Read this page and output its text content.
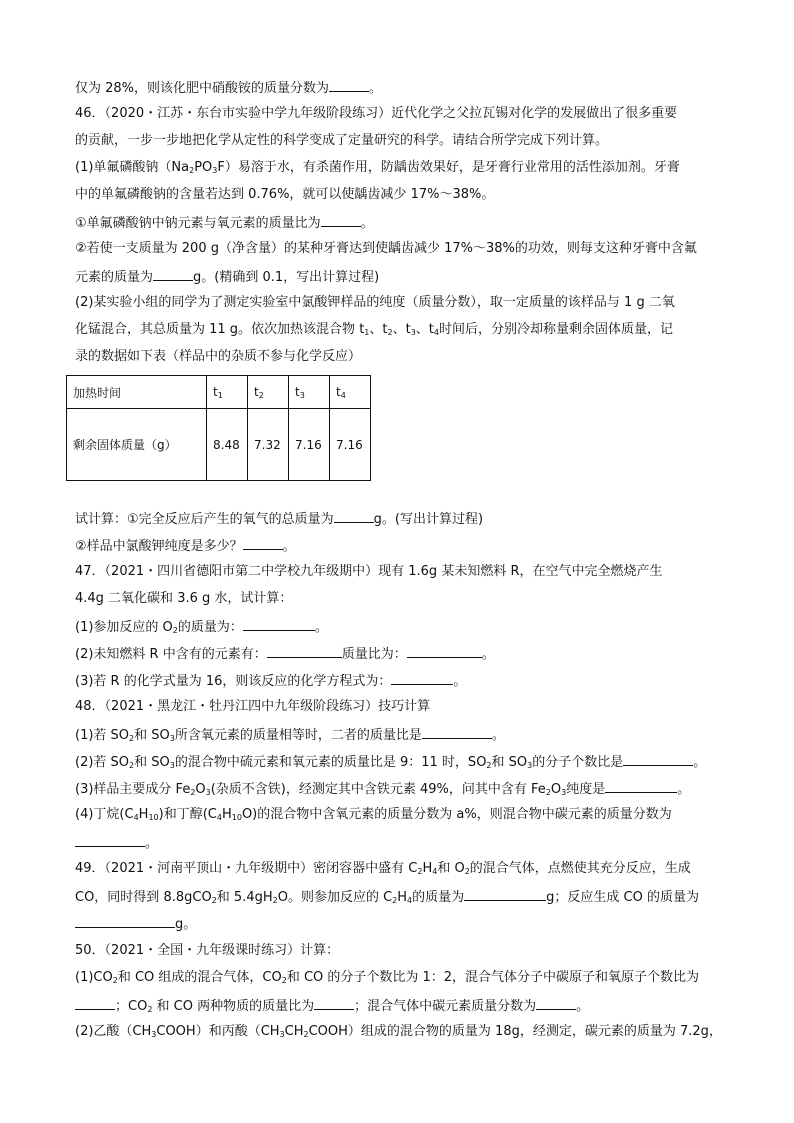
仅为 28%，则该化肥中硝酸铵的质量分数为	。
46．（2020・江苏・东台市实验中学九年级阶段练习）近代化学之父拉瓦锡对化学的发展做出了很多重要
的贡献，一步一步地把化学从定性的科学变成了定量研究的科学。请结合所学完成下列计算。
(1)单氟磷酸钠$(Na_2PO_3F)$易溶于水，有杀菌作用，防龋齿效果好，是牙膏行业常用的活性添加剂。牙膏
中的单氟磷酸钠的含量若达到 0.76%，就可以使龋齿减少 17%～38%。
①单氟磷酸钠中钠元素与氧元素的质量比为	。
②若使一支质量为 200 g（净含量）的某种牙膏达到使龋齿减少 17%～38%的功效，则每支这种牙膏中含氟
元素的质量为	g。(精确到 0.1，写出计算过程)
(2)某实验小组的同学为了测定实验室中氯酸钾样品的纯度（质量分数），取一定质量的该样品与 1 g 二氧
化锰混合，其总质量为 11 g。依次加热该混合物 $t_1$、$t_2$、$t_3$、$t_4$时间后，分别冷却称量剩余固体质量，记
录的数据如下表（样品中的杂质不参与化学反应）
加热时间	$t_1$	$t_2$	$t_3$	$t_4$
剩余固体质量（g）	8.48	7.32	7.16	7.16
试计算：①完全反应后产生的氧气的总质量为	g。(写出计算过程)
②样品中氯酸钾纯度是多少？	。
47．（2021・四川省德阳市第二中学校九年级期中）现有 1.6g 某未知燃料 R，在空气中完全燃烧产生
4.4g 二氧化碳和 3.6 g 水，试计算：
(1)参加反应的 $O_2$的质量为：	。
(2)未知燃料 R 中含有的元素有：	质量比为：	。
(3)若 R 的化学式量为 16，则该反应的化学方程式为：	。
48．（2021・黑龙江・牡丹江四中九年级阶段练习）技巧计算
(1)若 $SO_2$和 $SO_3$所含氧元素的质量相等时，二者的质量比是	。
(2)若 $SO_2$和 $SO_3$的混合物中硫元素和氧元素的质量比是 9：11 时，$SO_2$和 $SO_3$的分子个数比是	。
(3)样品主要成分 $Fe_2O_3$(杂质不含铁)，经测定其中含铁元素 49%，问其中含有 $Fe_2O_3$纯度是	。
(4)丁烷$(C_4H_{10})$和丁醇$(C_4H_{10}O)$的混合物中含氧元素的质量分数为 a%，则混合物中碳元素的质量分数为
。
49．（2021・河南平顶山・九年级期中）密闭容器中盛有 $C_2H_4$和 $O_2$的混合气体，点燃使其充分反应，生成
CO，同时得到 8.8gCO$_2$和 $5.4gH_2O$。则参加反应的 $C_2H_4$的质量为	g；反应生成 CO 的质量为
g。
50．（2021・全国・九年级课时练习）计算：
$(1)CO_2$和 CO 组成的混合气体，$CO_2$和 CO 的分子个数比为 1：2，混合气体分子中碳原子和氧原子个数比为
；$CO_2$ 和 CO 两种物质的质量比为	；混合气体中碳元素质量分数为	。
(2)乙酸$(CH_3COOH)$和丙酸$(CH_3CH_2COOH)$组成的混合物的质量为 18g，经测定，碳元素的质量为 7.2g，
